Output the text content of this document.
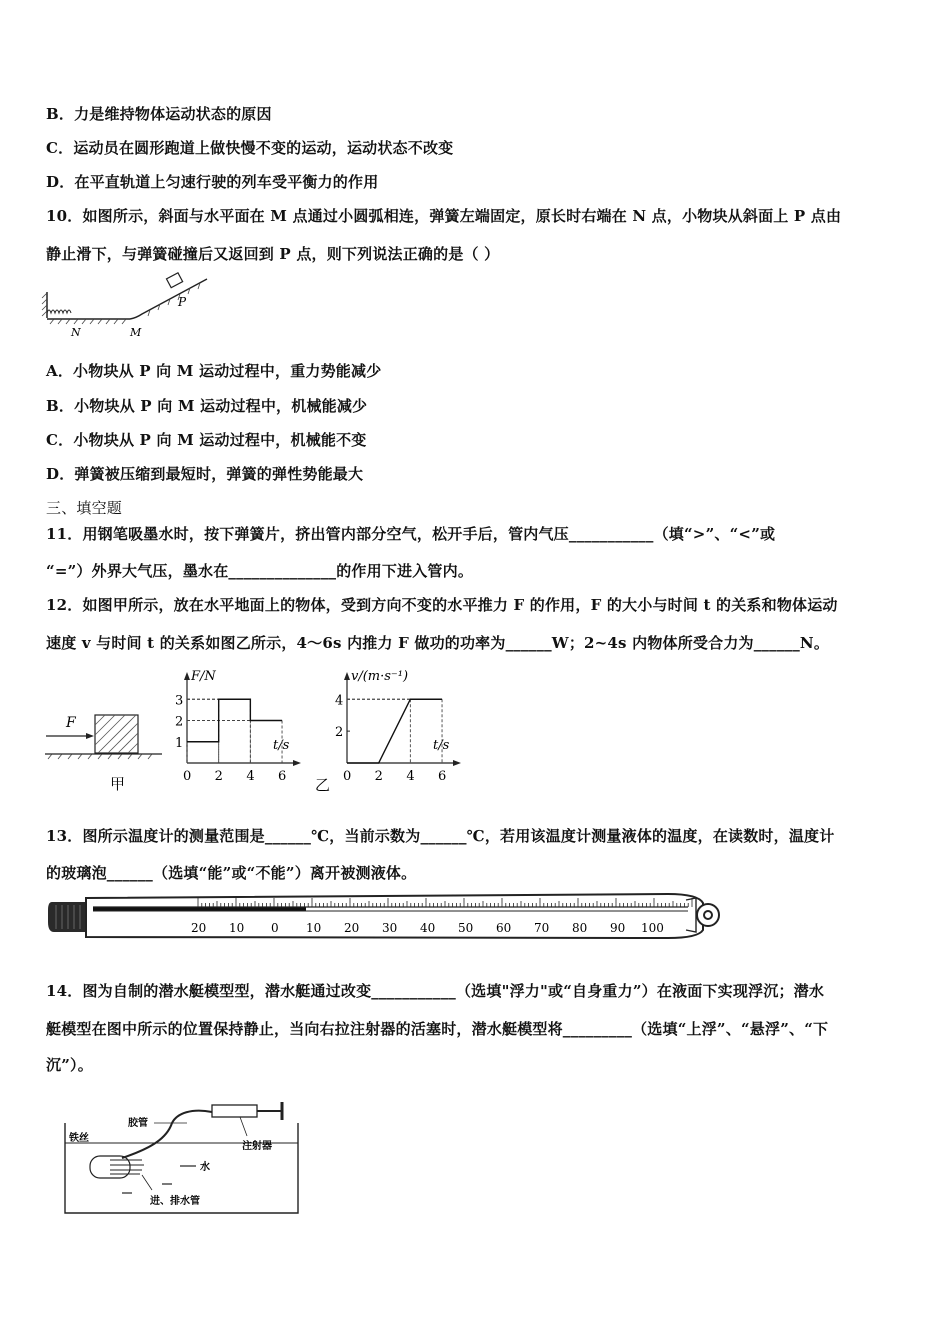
B．力是维持物体运动状态的原因
C．运动员在圆形跑道上做快慢不变的运动，运动状态不改变
D．在平直轨道上匀速行驶的列车受平衡力的作用
10．如图所示，斜面与水平面在 M 点通过小圆弧相连，弹簧左端固定，原长时右端在 N 点，小物块从斜面上 P 点由
静止滑下，与弹簧碰撞后又返回到 P 点，则下列说法正确的是（ ）
P
N	M
A．小物块从 P 向 M 运动过程中，重力势能减少
B．小物块从 P 向 M 运动过程中，机械能减少
C．小物块从 P 向 M 运动过程中，机械能不变
D．弹簧被压缩到最短时，弹簧的弹性势能最大
三、填空题
11．用钢笔吸墨水时，按下弹簧片，挤出管内部分空气，松开手后，管内气压___________（填“>”、“<”或
“=”）外界大气压，墨水在______________的作用下进入管内。
12．如图甲所示，放在水平地面上的物体，受到方向不变的水平推力 F 的作用，F 的大小与时间 t 的关系和物体运动
速度 v 与时间 t 的关系如图乙所示，4～6s 内推力 F 做功的功率为______W；2~4s 内物体所受合力为______N。
F
甲	0 2 4 6
1
2
3
t/s
F/N
0 2 4 6
2
4
t/s
v/(m·s⁻¹)
乙
13．图所示温度计的测量范围是______℃，当前示数为______℃，若用该温度计测量液体的温度，在读数时，温度计
的玻璃泡______（选填“能”或“不能”）离开被测液体。
20 10 0 10 20 30 40 50 60 70 80 90 100
14．图为自制的潜水艇模型型，潜水艇通过改变___________（选填"浮力"或“自身重力”）在液面下实现浮沉；潜水
艇模型在图中所示的位置保持静止，当向右拉注射器的活塞时，潜水艇模型将_________（选填“上浮”、“悬浮”、“下
沉”）。
胶管
注射器
铁丝
水
进、排水管
